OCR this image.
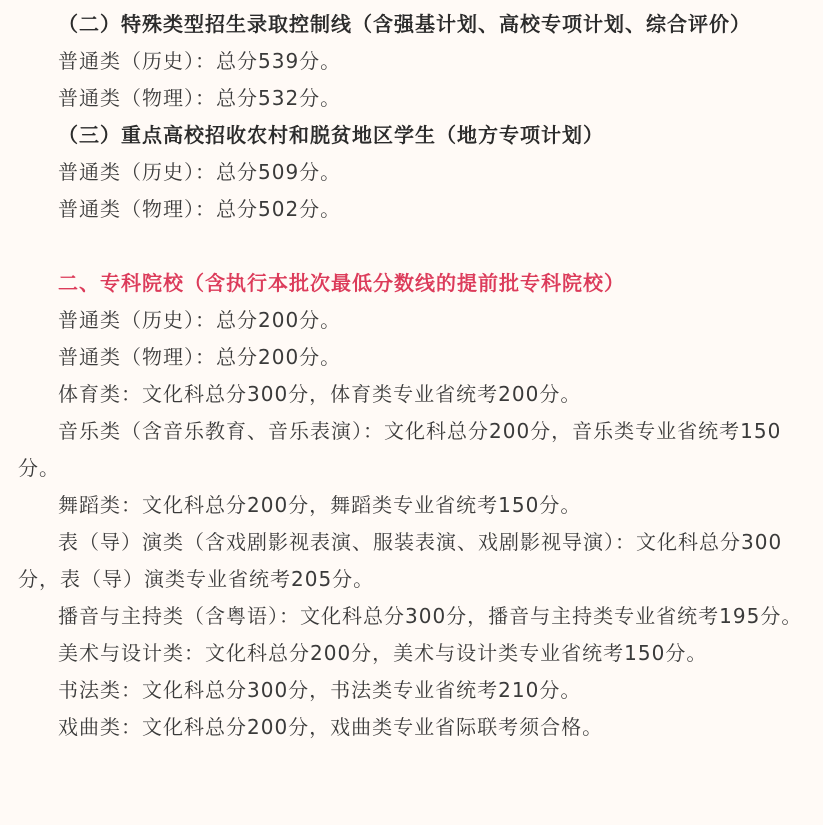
（二）特殊类型招生录取控制线（含强基计划、高校专项计划、综合评价）

普通类（历史）：总分539分。

普通类（物理）：总分532分。

（三）重点高校招收农村和脱贫地区学生（地方专项计划）

普通类（历史）：总分509分。

普通类（物理）：总分502分。

二、专科院校（含执行本批次最低分数线的提前批专科院校）

普通类（历史）：总分200分。

普通类（物理）：总分200分。

体育类：文化科总分300分，体育类专业省统考200分。

音乐类（含音乐教育、音乐表演）：文化科总分200分，音乐类专业省统考150分。

舞蹈类：文化科总分200分，舞蹈类专业省统考150分。

表（导）演类（含戏剧影视表演、服装表演、戏剧影视导演）：文化科总分300分，表（导）演类专业省统考205分。

播音与主持类（含粤语）：文化科总分300分，播音与主持类专业省统考195分。

美术与设计类：文化科总分200分，美术与设计类专业省统考150分。

书法类：文化科总分300分，书法类专业省统考210分。

戏曲类：文化科总分200分，戏曲类专业省际联考须合格。
